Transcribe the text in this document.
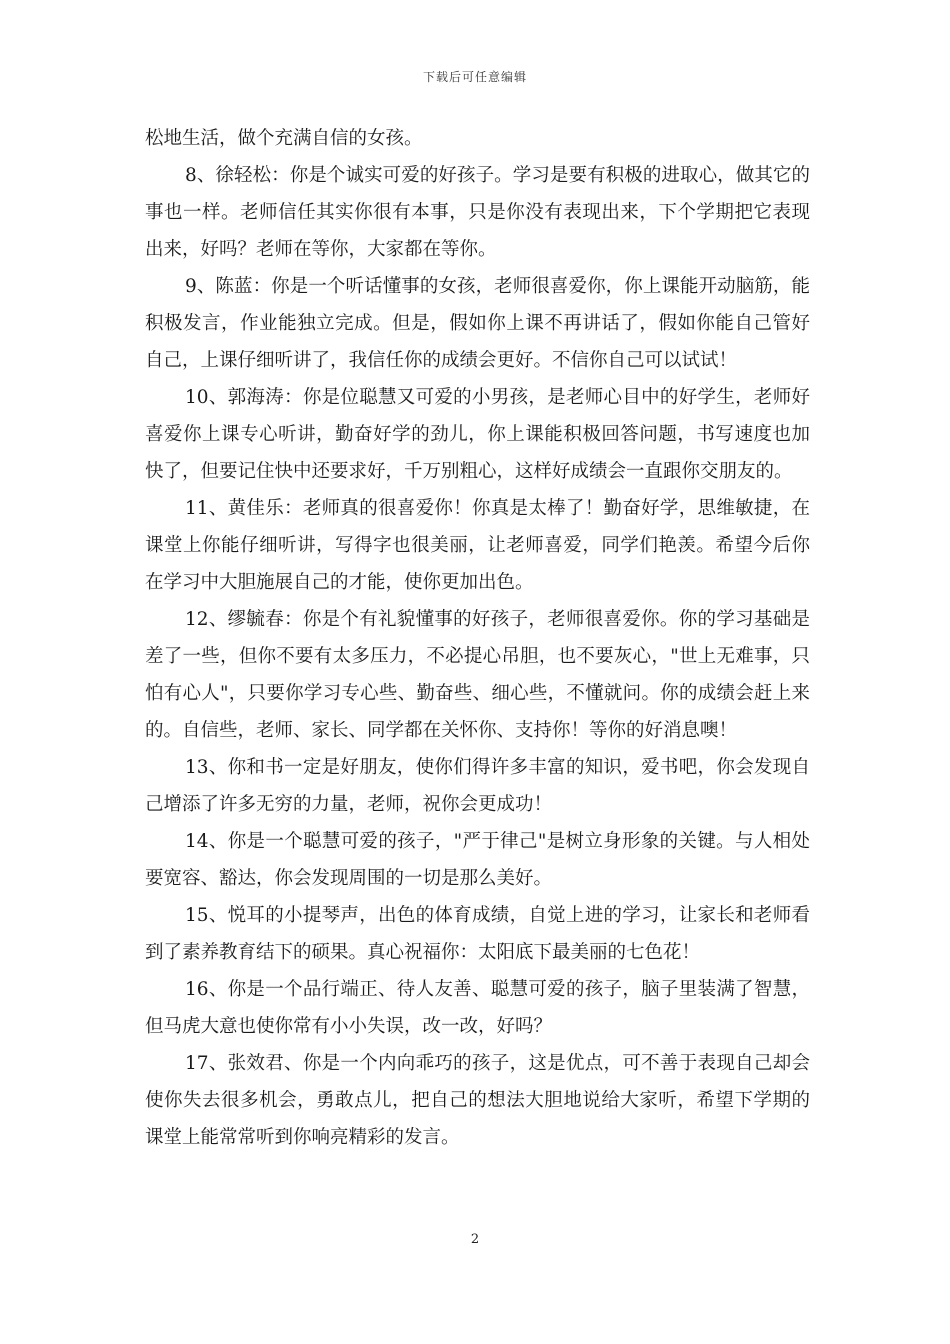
下载后可任意编辑

松地生活，做个充满自信的女孩。

8、徐轻松：你是个诚实可爱的好孩子。学习是要有积极的进取心，做其它的事也一样。老师信任其实你很有本事，只是你没有表现出来，下个学期把它表现出来，好吗？老师在等你，大家都在等你。

9、陈蓝：你是一个听话懂事的女孩，老师很喜爱你，你上课能开动脑筋，能积极发言，作业能独立完成。但是，假如你上课不再讲话了，假如你能自己管好自己，上课仔细听讲了，我信任你的成绩会更好。不信你自己可以试试！

10、郭海涛：你是位聪慧又可爱的小男孩，是老师心目中的好学生，老师好喜爱你上课专心听讲，勤奋好学的劲儿，你上课能积极回答问题，书写速度也加快了，但要记住快中还要求好，千万别粗心，这样好成绩会一直跟你交朋友的。

11、黄佳乐：老师真的很喜爱你！你真是太棒了！勤奋好学，思维敏捷，在课堂上你能仔细听讲，写得字也很美丽，让老师喜爱，同学们艳羡。希望今后你在学习中大胆施展自己的才能，使你更加出色。

12、缪毓春：你是个有礼貌懂事的好孩子，老师很喜爱你。你的学习基础是差了一些，但你不要有太多压力，不必提心吊胆，也不要灰心，"世上无难事，只怕有心人"，只要你学习专心些、勤奋些、细心些，不懂就问。你的成绩会赶上来的。自信些，老师、家长、同学都在关怀你、支持你！等你的好消息噢！

13、你和书一定是好朋友，使你们得许多丰富的知识，爱书吧，你会发现自己增添了许多无穷的力量，老师，祝你会更成功！

14、你是一个聪慧可爱的孩子，"严于律己"是树立身形象的关键。与人相处要宽容、豁达，你会发现周围的一切是那么美好。

15、悦耳的小提琴声，出色的体育成绩，自觉上进的学习，让家长和老师看到了素养教育结下的硕果。真心祝福你：太阳底下最美丽的七色花！

16、你是一个品行端正、待人友善、聪慧可爱的孩子，脑子里装满了智慧，但马虎大意也使你常有小小失误，改一改，好吗？

17、张效君、你是一个内向乖巧的孩子，这是优点，可不善于表现自己却会使你失去很多机会，勇敢点儿，把自己的想法大胆地说给大家听，希望下学期的课堂上能常常听到你响亮精彩的发言。

2
